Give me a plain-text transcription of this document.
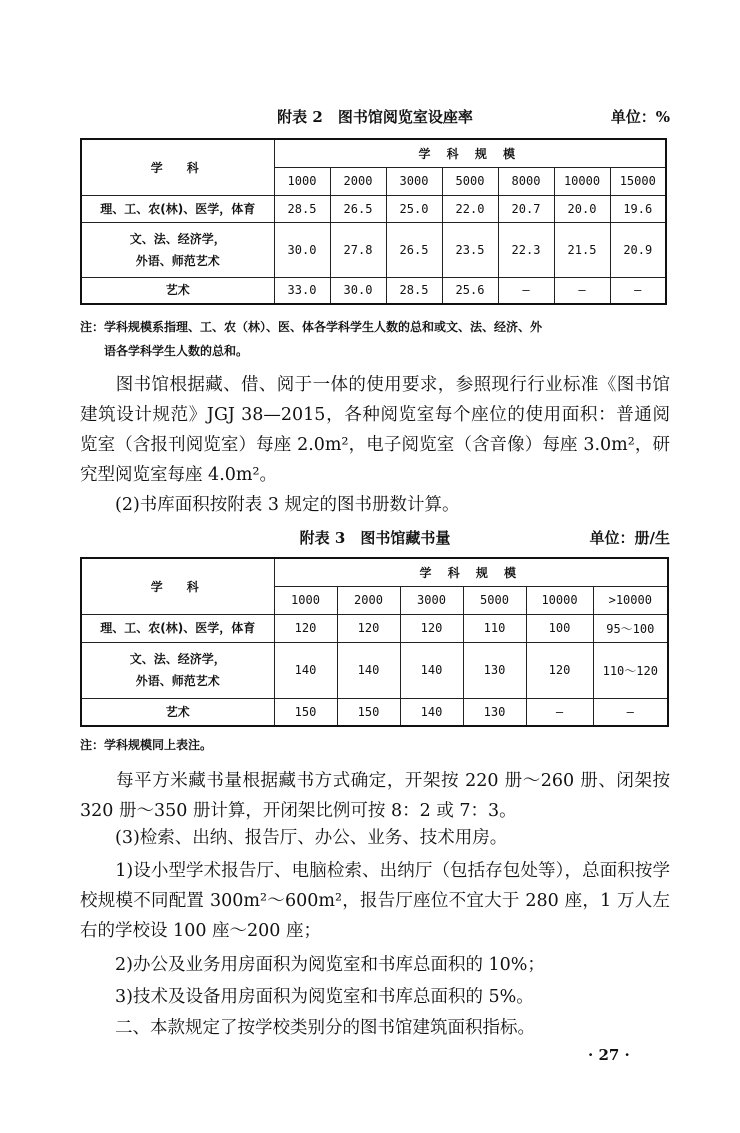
附表 2　图书馆阅览室设座率	单位：%
学　科	学 科 规 模						
	1000	2000	3000	5000	8000	10000	15000
理、工、农(林)、医学，体育	28.5	26.5	25.0	22.0	20.7	20.0	19.6
文、法、经济学，
外语、师范艺术	30.0	27.8	26.5	23.5	22.3	21.5	20.9
艺术	33.0	30.0	28.5	25.6	—	—	—
注：学科规模系指理、工、农（林）、医、体各学科学生人数的总和或文、法、经济、外
　　语各学科学生人数的总和。
　　图书馆根据藏、借、阅于一体的使用要求，参照现行行业标准《图书馆建筑设计规范》JGJ 38—2015，各种阅览室每个座位的使用面积：普通阅览室（含报刊阅览室）每座 2.0m²，电子阅览室（含音像）每座 3.0m²，研究型阅览室每座 4.0m²。
　　(2)书库面积按附表 3 规定的图书册数计算。
附表 3　图书馆藏书量	单位：册/生
学　科	学 科 规 模					
	1000	2000	3000	5000	10000	>10000
理、工、农(林)、医学，体育	120	120	120	110	100	95～100
文、法、经济学，
外语、师范艺术	140	140	140	130	120	110～120
艺术	150	150	140	130	—	—
注：学科规模同上表注。
　　每平方米藏书量根据藏书方式确定，开架按 220 册～260 册、闭架按 320 册～350 册计算，开闭架比例可按 8：2 或 7：3。
　　(3)检索、出纳、报告厅、办公、业务、技术用房。
　　1)设小型学术报告厅、电脑检索、出纳厅（包括存包处等），总面积按学校规模不同配置 300m²～600m²，报告厅座位不宜大于 280 座，1 万人左右的学校设 100 座～200 座；
　　2)办公及业务用房面积为阅览室和书库总面积的 10%；
　　3)技术及设备用房面积为阅览室和书库总面积的 5%。
　　二、本款规定了按学校类别分的图书馆建筑面积指标。
· 27 ·
